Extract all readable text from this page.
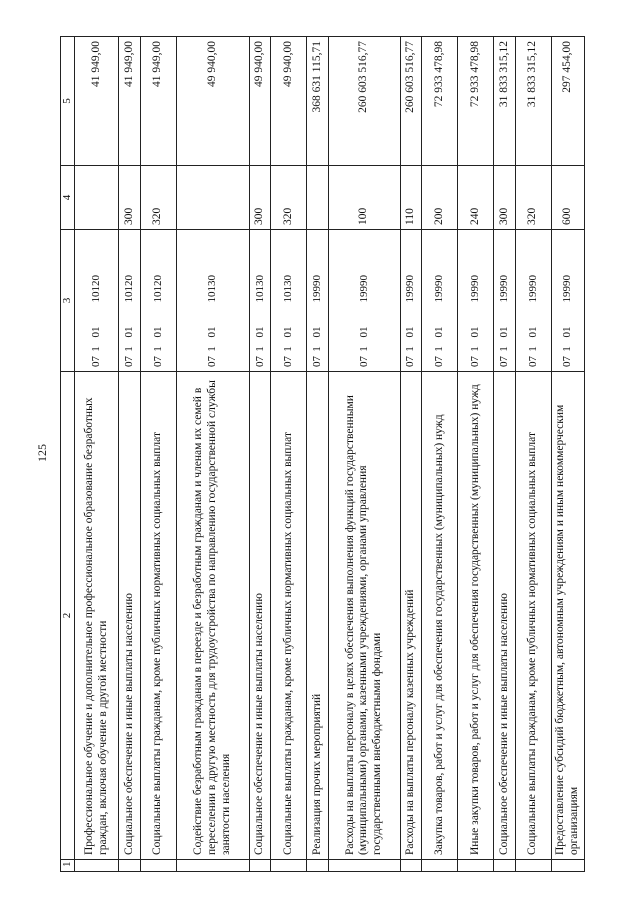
125
1	2	3	4	5
	Профессиональное обучение и дополнительное профессиональное образование безработных граждан, включая обучение в другой местности	0710110120		41 949,00
	Социальное обеспечение и иные выплаты населению	0710110120	300	41 949,00
	Социальные выплаты гражданам, кроме публичных нормативных социальных выплат	0710110120	320	41 949,00
	Содействие безработным гражданам в переезде и безработным гражданам и членам их семей в переселении в другую местность для трудоустройства по направлению государственной службы занятости населения	0710110130		49 940,00
	Социальное обеспечение и иные выплаты населению	0710110130	300	49 940,00
	Социальные выплаты гражданам, кроме публичных нормативных социальных выплат	0710110130	320	49 940,00
	Реализация прочих мероприятий	0710119990		368 631 115,71
	Расходы на выплаты персоналу в целях обеспечения выполнения функций государственными (муниципальными) органами, казенными учреждениями, органами управления государственными внебюджетными фондами	0710119990	100	260 603 516,77
	Расходы на выплаты персоналу казенных учреждений	0710119990	110	260 603 516,77
	Закупка товаров, работ и услуг для обеспечения государственных (муниципальных) нужд	0710119990	200	72 933 478,98
	Иные закупки товаров, работ и услуг для обеспечения государственных (муниципальных) нужд	0710119990	240	72 933 478,98
	Социальное обеспечение и иные выплаты населению	0710119990	300	31 833 315,12
	Социальные выплаты гражданам, кроме публичных нормативных социальных выплат	0710119990	320	31 833 315,12
	Предоставление субсидий бюджетным, автономным учреждениям и иным некоммерческим организациям	0710119990	600	297 454,00
